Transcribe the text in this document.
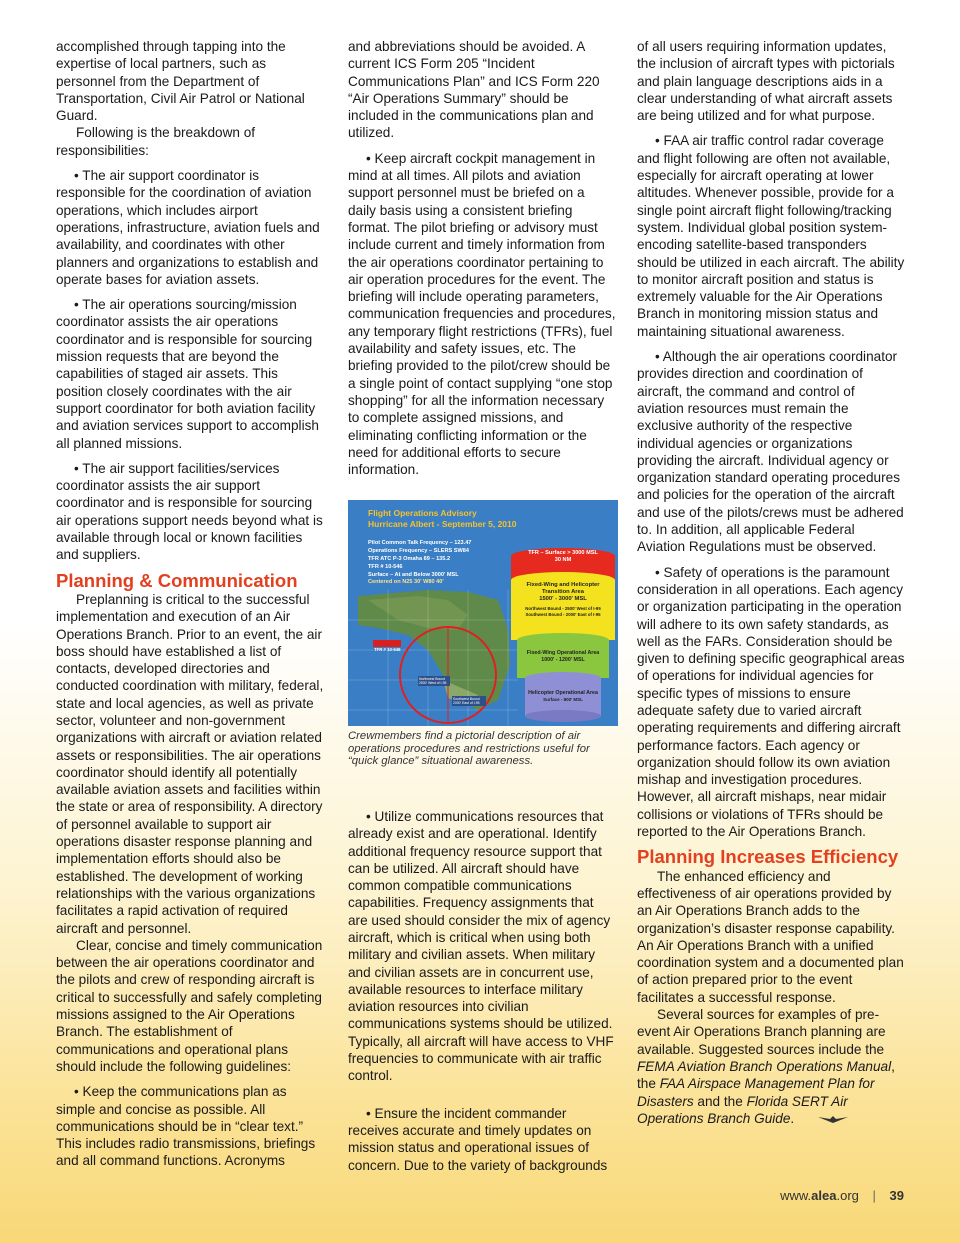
accomplished through tapping into the expertise of local partners, such as personnel from the Department of Transportation, Civil Air Patrol or National Guard.

Following is the breakdown of responsibilities:

• The air support coordinator is responsible for the coordination of aviation operations, which includes airport operations, infrastructure, aviation fuels and availability, and coordinates with other planners and organizations to establish and operate bases for aviation assets.

• The air operations sourcing/mission coordinator assists the air operations coordinator and is responsible for sourcing mission requests that are beyond the capabilities of staged air assets. This position closely coordinates with the air support coordinator for both aviation facility and aviation services support to accomplish all planned missions.

• The air support facilities/services coordinator assists the air support coordinator and is responsible for sourcing air operations support needs beyond what is available through local or known facilities and suppliers.

Planning & Communication

Preplanning is critical to the successful implementation and execution of an Air Operations Branch. Prior to an event, the air boss should have established a list of contacts, developed directories and conducted coordination with military, federal, state and local agencies, as well as private sector, volunteer and non-government organizations with aircraft or aviation related assets or responsibilities. The air operations coordinator should identify all potentially available aviation assets and facilities within the state or area of responsibility. A directory of personnel available to support air operations disaster response planning and implementation efforts should also be established. The development of working relationships with the various organizations facilitates a rapid activation of required aircraft and personnel.

Clear, concise and timely communication between the air operations coordinator and the pilots and crew of responding aircraft is critical to successfully and safely completing missions assigned to the Air Operations Branch. The establishment of communications and operational plans should include the following guidelines:

• Keep the communications plan as simple and concise as possible. All communications should be in “clear text.” This includes radio transmissions, briefings and all command functions. Acronyms

and abbreviations should be avoided. A current ICS Form 205 “Incident Communications Plan” and ICS Form 220 “Air Operations Summary” should be included in the communications plan and utilized.

• Keep aircraft cockpit management in mind at all times. All pilots and aviation support personnel must be briefed on a daily basis using a consistent briefing format. The pilot briefing or advisory must include current and timely information from the air operations coordinator pertaining to air operation procedures for the event. The briefing will include operating parameters, communication frequencies and procedures, any temporary flight restrictions (TFRs), fuel availability and safety issues, etc. The briefing provided to the pilot/crew should be a single point of contact supplying “one stop shopping” for all the information necessary to complete assigned missions, and eliminating conflicting information or the need for additional efforts to secure information.

Flight Operations Advisory
Hurricane Albert - September 5, 2010
Pilot Common Talk Frequency – 123.47
Operations Frequency – SLERS SW84
TFR ATC P-3 Omaha 89 – 135.2
TFR # 10-546
Surface – At and Below 3000' MSL
Centered on N25 30' W80 40'
TFR – Surface > 3000 MSL
30 NM
Fixed-Wing and Helicopter
Transition Area
1500' - 3000' MSL
Northwest Bound - 2500' West of I-95
Southwest Bound - 2000' East of I-95
Fixed-Wing Operational Area
1000' - 1200' MSL
Helicopter Operational Area
Surface - 800' MSL
TFR # 10-546
Northwest Bound 2500' West of I-95
Southwest Bound 2000' East of I-95
Crewmembers find a pictorial description of air operations procedures and restrictions useful for “quick glance” situational awareness.

• Utilize communications resources that already exist and are operational. Identify additional frequency resource support that can be utilized. All aircraft should have common compatible communications capabilities. Frequency assignments that are used should consider the mix of agency aircraft, which is critical when using both military and civilian assets. When military and civilian assets are in concurrent use, available resources to interface military aviation resources into civilian communications systems should be utilized. Typically, all aircraft will have access to VHF frequencies to communicate with air traffic control.

• Ensure the incident commander receives accurate and timely updates on mission status and operational issues of concern. Due to the variety of backgrounds

of all users requiring information updates, the inclusion of aircraft types with pictorials and plain language descriptions aids in a clear understanding of what aircraft assets are being utilized and for what purpose.

• FAA air traffic control radar coverage and flight following are often not available, especially for aircraft operating at lower altitudes. Whenever possible, provide for a single point aircraft flight following/tracking system. Individual global position system-encoding satellite-based transponders should be utilized in each aircraft. The ability to monitor aircraft position and status is extremely valuable for the Air Operations Branch in monitoring mission status and maintaining situational awareness.

• Although the air operations coordinator provides direction and coordination of aircraft, the command and control of aviation resources must remain the exclusive authority of the respective individual agencies or organizations providing the aircraft. Individual agency or organization standard operating procedures and policies for the operation of the aircraft and use of the pilots/crews must be adhered to. In addition, all applicable Federal Aviation Regulations must be observed.

• Safety of operations is the paramount consideration in all operations. Each agency or organization participating in the operation will adhere to its own safety standards, as well as the FARs. Consideration should be given to defining specific geographical areas of operations for individual agencies for specific types of missions to ensure adequate safety due to varied aircraft operating requirements and differing aircraft performance factors. Each agency or organization should follow its own aviation mishap and investigation procedures. However, all aircraft mishaps, near midair collisions or violations of TFRs should be reported to the Air Operations Branch.

Planning Increases Efficiency

The enhanced efficiency and effectiveness of air operations provided by an Air Operations Branch adds to the organization’s disaster response capability. An Air Operations Branch with a unified coordination system and a documented plan of action prepared prior to the event facilitates a successful response.

Several sources for examples of pre-event Air Operations Branch planning are available. Suggested sources include the FEMA Aviation Branch Operations Manual, the FAA Airspace Management Plan for Disasters and the Florida SERT Air Operations Branch Guide.

www.alea.org | 39
